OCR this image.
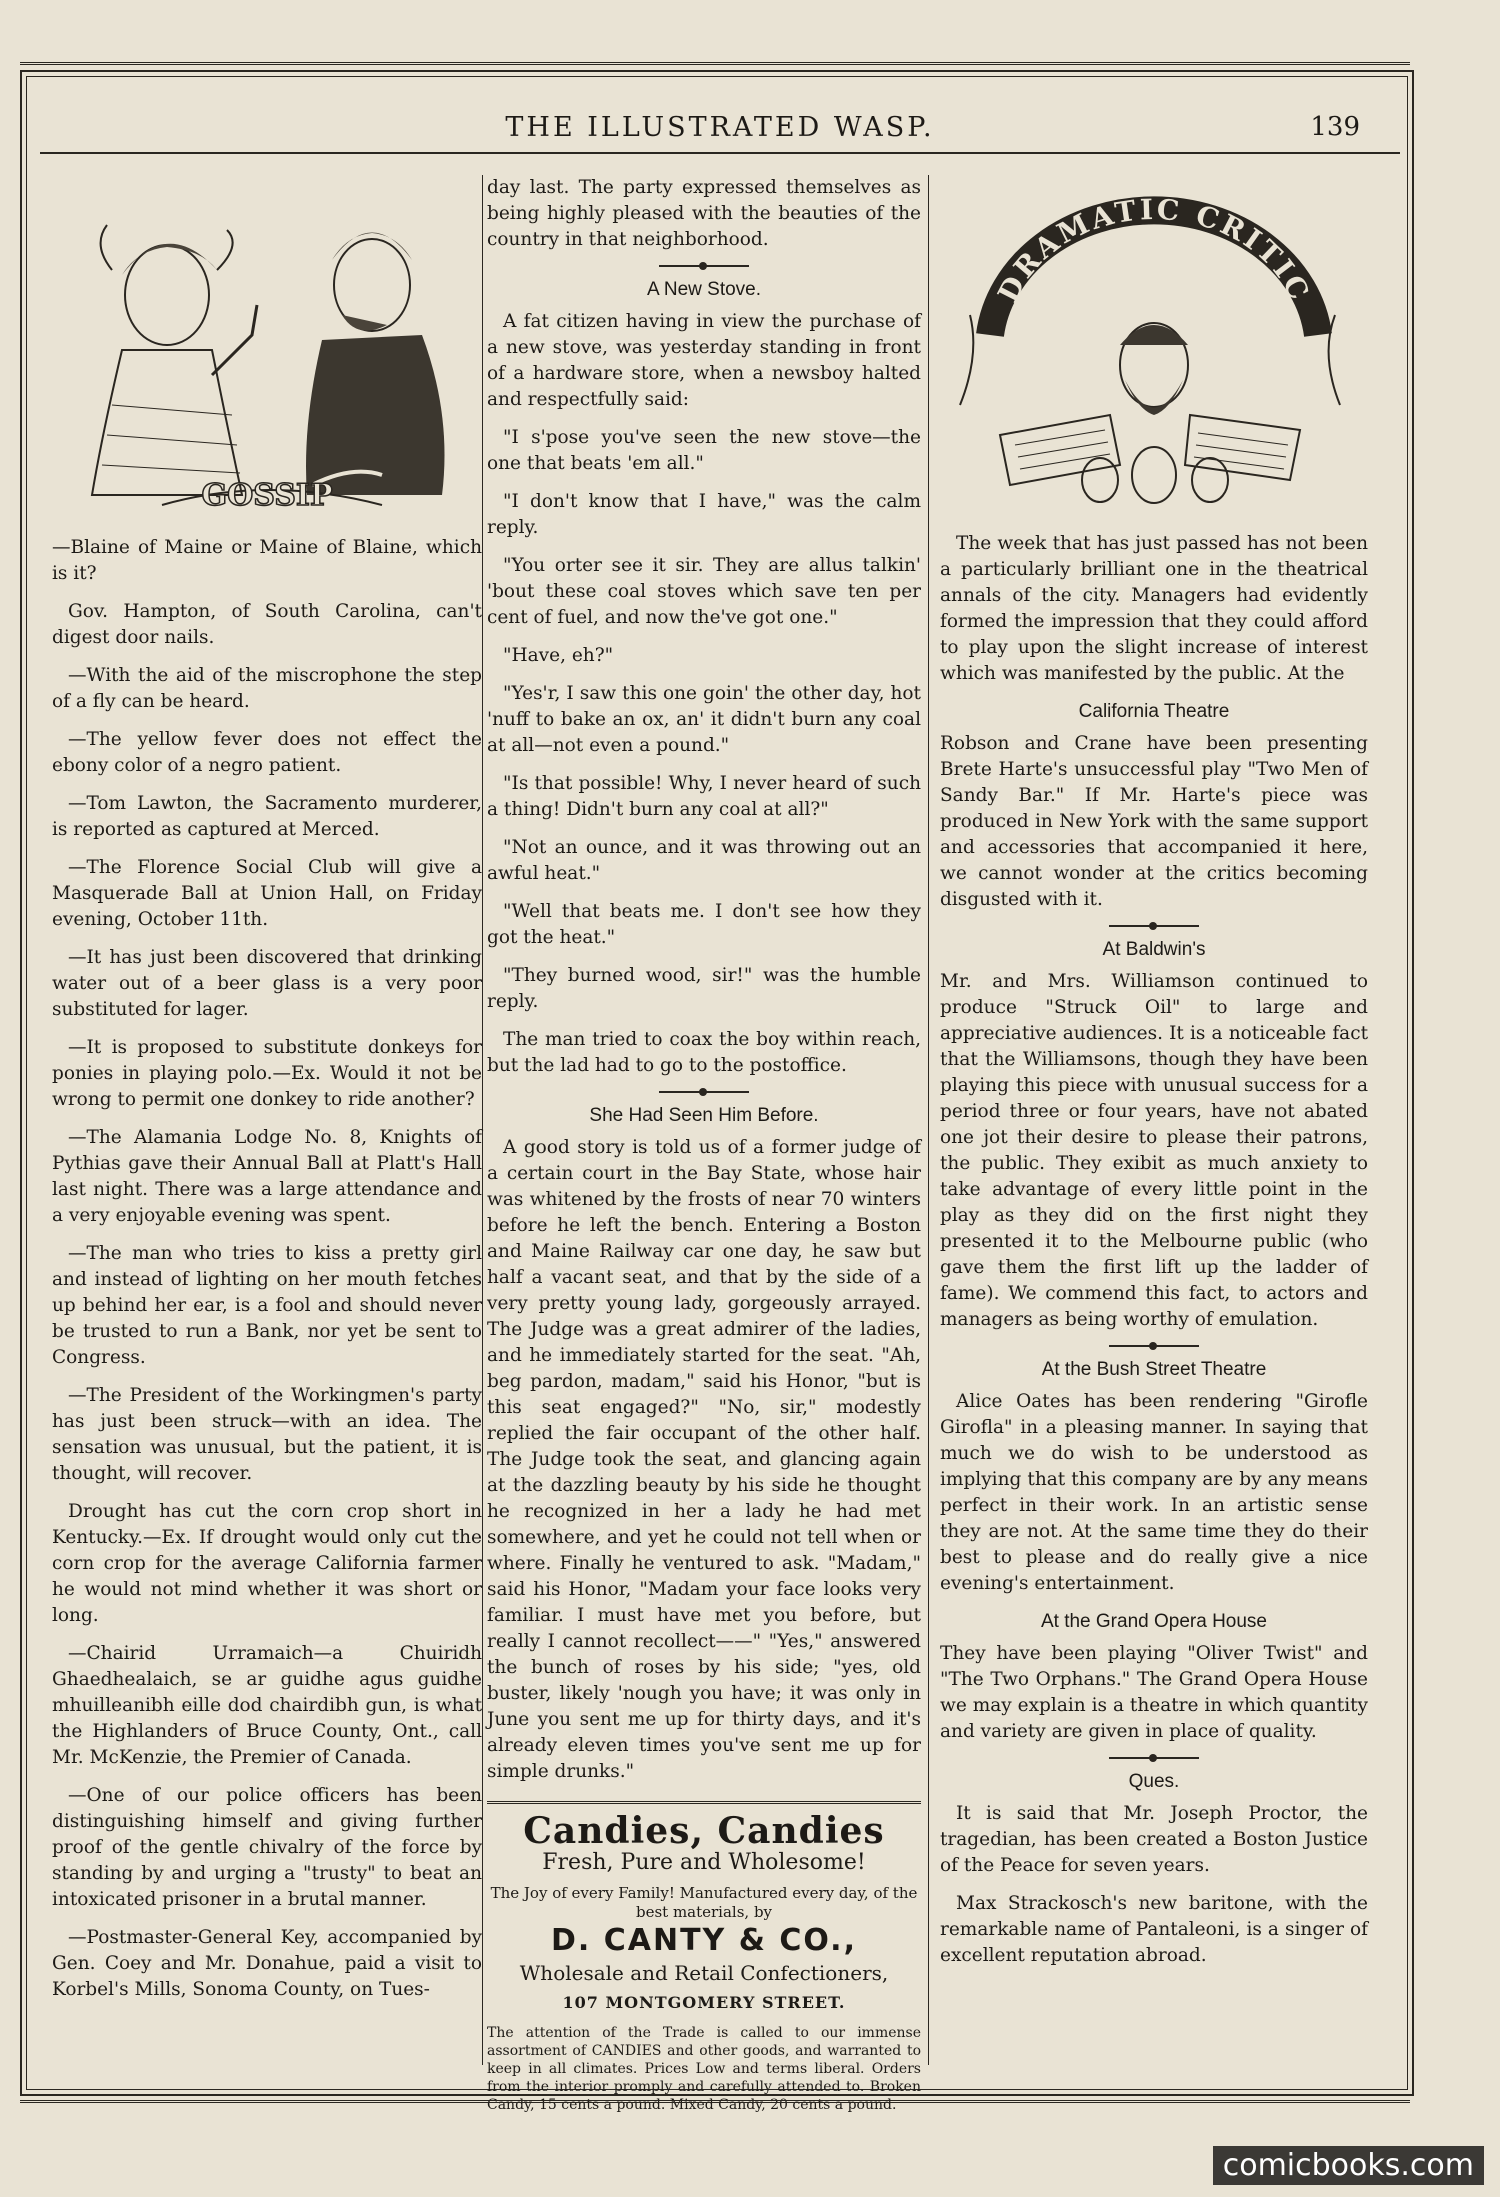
THE ILLUSTRATED WASP.	139
GOSSIP

—Blaine of Maine or Maine of Blaine, which is it?

Gov. Hampton, of South Carolina, can't digest door nails.

—With the aid of the miscrophone the step of a fly can be heard.

—The yellow fever does not effect the ebony color of a negro patient.

—Tom Lawton, the Sacramento murderer, is reported as captured at Merced.

—The Florence Social Club will give a Masquerade Ball at Union Hall, on Friday evening, October 11th.

—It has just been discovered that drinking water out of a beer glass is a very poor substituted for lager.

—It is proposed to substitute donkeys for ponies in playing polo.—Ex. Would it not be wrong to permit one donkey to ride another?

—The Alamania Lodge No. 8, Knights of Pythias gave their Annual Ball at Platt's Hall last night. There was a large attendance and a very enjoyable evening was spent.

—The man who tries to kiss a pretty girl and instead of lighting on her mouth fetches up behind her ear, is a fool and should never be trusted to run a Bank, nor yet be sent to Congress.

—The President of the Workingmen's party has just been struck—with an idea. The sensation was unusual, but the patient, it is thought, will recover.

Drought has cut the corn crop short in Kentucky.—Ex. If drought would only cut the corn crop for the average California farmer he would not mind whether it was short or long.

—Chairid Urramaich—a Chuiridh Ghaedhealaich, se ar guidhe agus guidhe mhuilleanibh eille dod chairdibh gun, is what the Highlanders of Bruce County, Ont., call Mr. McKenzie, the Premier of Canada.

—One of our police officers has been distinguishing himself and giving further proof of the gentle chivalry of the force by standing by and urging a "trusty" to beat an intoxicated prisoner in a brutal manner.

—Postmaster-General Key, accompanied by Gen. Coey and Mr. Donahue, paid a visit to Korbel's Mills, Sonoma County, on Tues-

day last. The party expressed themselves as being highly pleased with the beauties of the country in that neighborhood.

A New Stove.

A fat citizen having in view the purchase of a new stove, was yesterday standing in front of a hardware store, when a newsboy halted and respectfully said:

"I s'pose you've seen the new stove—the one that beats 'em all."

"I don't know that I have," was the calm reply.

"You orter see it sir. They are allus talkin' 'bout these coal stoves which save ten per cent of fuel, and now the've got one."

"Have, eh?"

"Yes'r, I saw this one goin' the other day, hot 'nuff to bake an ox, an' it didn't burn any coal at all—not even a pound."

"Is that possible! Why, I never heard of such a thing! Didn't burn any coal at all?"

"Not an ounce, and it was throwing out an awful heat."

"Well that beats me. I don't see how they got the heat."

"They burned wood, sir!" was the humble reply.

The man tried to coax the boy within reach, but the lad had to go to the postoffice.

She Had Seen Him Before.

A good story is told us of a former judge of a certain court in the Bay State, whose hair was whitened by the frosts of near 70 winters before he left the bench. Entering a Boston and Maine Railway car one day, he saw but half a vacant seat, and that by the side of a very pretty young lady, gorgeously arrayed. The Judge was a great admirer of the ladies, and he immediately started for the seat. "Ah, beg pardon, madam," said his Honor, "but is this seat engaged?" "No, sir," modestly replied the fair occupant of the other half. The Judge took the seat, and glancing again at the dazzling beauty by his side he thought he recognized in her a lady he had met somewhere, and yet he could not tell when or where. Finally he ventured to ask. "Madam," said his Honor, "Madam your face looks very familiar. I must have met you before, but really I cannot recollect——" "Yes," answered the bunch of roses by his side; "yes, old buster, likely 'nough you have; it was only in June you sent me up for thirty days, and it's already eleven times you've sent me up for simple drunks."

Candies, Candies
Fresh, Pure and Wholesome!
The Joy of every Family! Manufactured every day, of the best materials, by
D. CANTY & CO.,
Wholesale and Retail Confectioners,
107 MONTGOMERY STREET.
The attention of the Trade is called to our immense assortment of CANDIES and other goods, and warranted to keep in all climates. Prices Low and terms liberal. Orders from the interior promply and carefully attended to. Broken Candy, 15 cents a pound. Mixed Candy, 20 cents a pound.
DRAMATIC CRITIC

The week that has just passed has not been a particularly brilliant one in the theatrical annals of the city. Managers had evidently formed the impression that they could afford to play upon the slight increase of interest which was manifested by the public. At the

California Theatre

Robson and Crane have been presenting Brete Harte's unsuccessful play "Two Men of Sandy Bar." If Mr. Harte's piece was produced in New York with the same support and accessories that accompanied it here, we cannot wonder at the critics becoming disgusted with it.

At Baldwin's

Mr. and Mrs. Williamson continued to produce "Struck Oil" to large and appreciative audiences. It is a noticeable fact that the Williamsons, though they have been playing this piece with unusual success for a period three or four years, have not abated one jot their desire to please their patrons, the public. They exibit as much anxiety to take advantage of every little point in the play as they did on the first night they presented it to the Melbourne public (who gave them the first lift up the ladder of fame). We commend this fact, to actors and managers as being worthy of emulation.

At the Bush Street Theatre

Alice Oates has been rendering "Girofle Girofla" in a pleasing manner. In saying that much we do wish to be understood as implying that this company are by any means perfect in their work. In an artistic sense they are not. At the same time they do their best to please and do really give a nice evening's entertainment.

At the Grand Opera House

They have been playing "Oliver Twist" and "The Two Orphans." The Grand Opera House we may explain is a theatre in which quantity and variety are given in place of quality.

Ques.

It is said that Mr. Joseph Proctor, the tragedian, has been created a Boston Justice of the Peace for seven years.

Max Strackosch's new baritone, with the remarkable name of Pantaleoni, is a singer of excellent reputation abroad.

comicbooks.com
